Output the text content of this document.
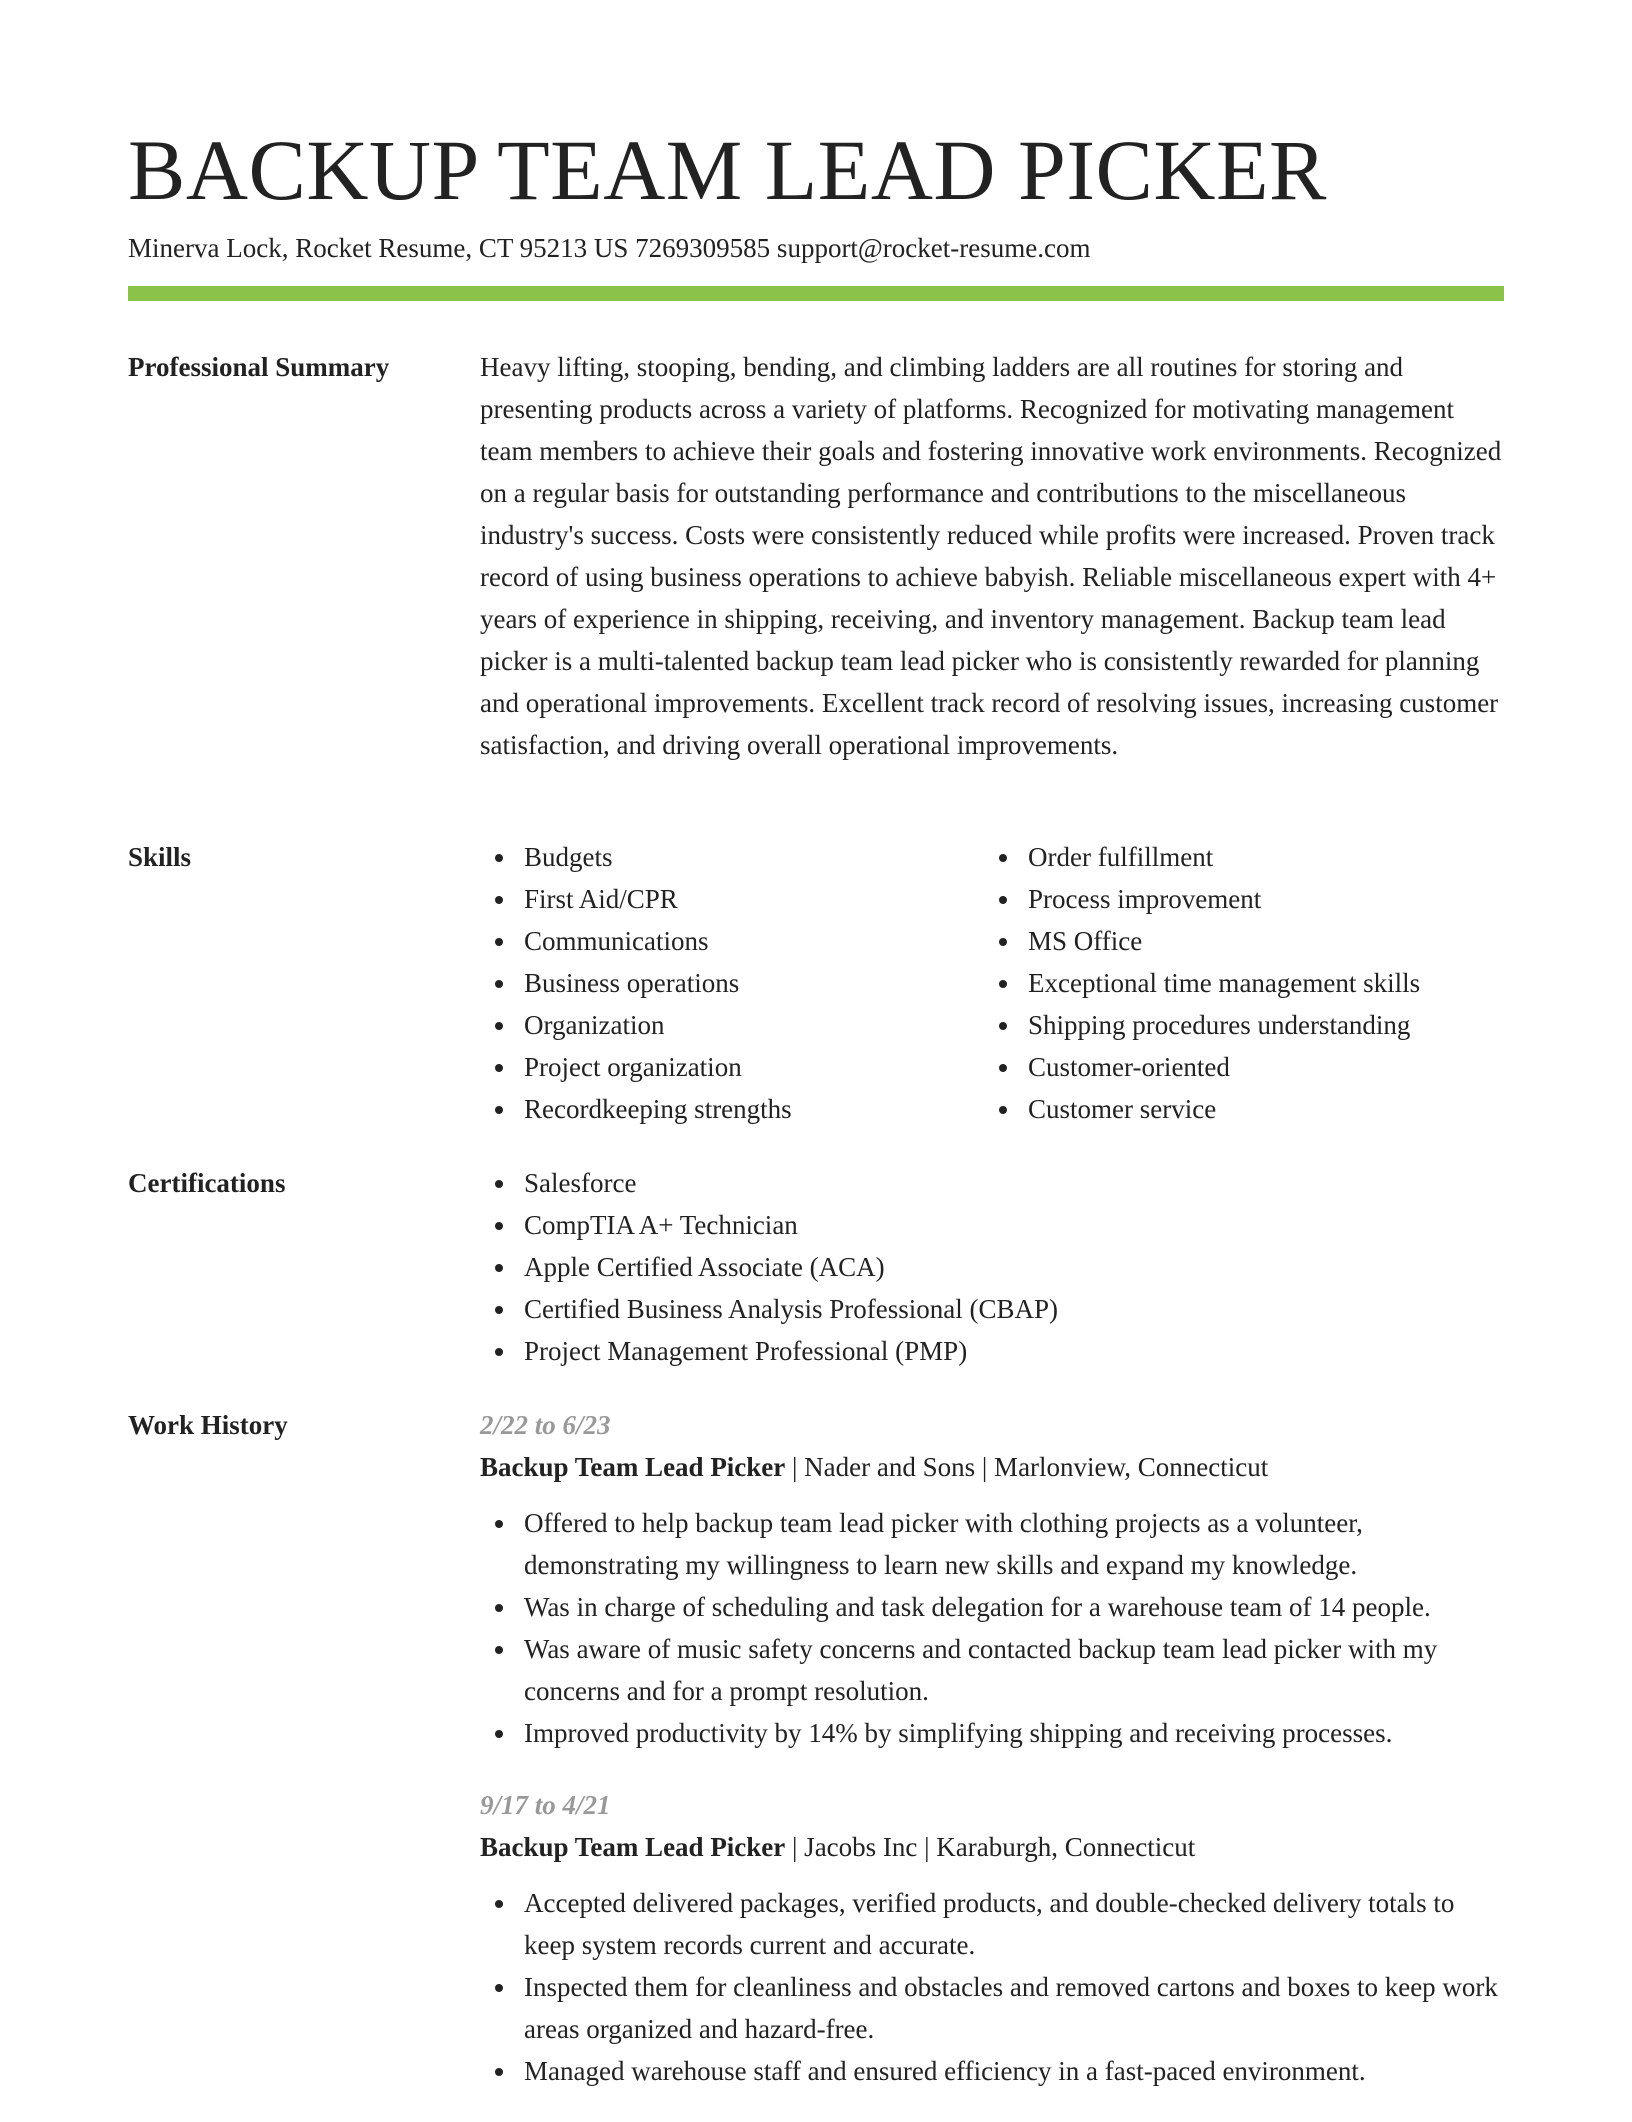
BACKUP TEAM LEAD PICKER
Minerva Lock, Rocket Resume, CT 95213 US 7269309585 support@rocket-resume.com
Professional Summary	Heavy lifting, stooping, bending, and climbing ladders are all routines for storing and presenting products across a variety of platforms. Recognized for motivating management team members to achieve their goals and fostering innovative work environments. Recognized on a regular basis for outstanding performance and contributions to the miscellaneous industry's success. Costs were consistently reduced while profits were increased. Proven track record of using business operations to achieve babyish. Reliable miscellaneous expert with 4+ years of experience in shipping, receiving, and inventory management. Backup team lead picker is a multi-talented backup team lead picker who is consistently rewarded for planning and operational improvements. Excellent track record of resolving issues, increasing customer satisfaction, and driving overall operational improvements.

Skills	Budgets
First Aid/CPR
Communications
Business operations
Organization
Project organization
Recordkeeping strengths
Order fulfillment
Process improvement
MS Office
Exceptional time management skills
Shipping procedures understanding
Customer-oriented
Customer service
Certifications	Salesforce
CompTIA A+ Technician
Apple Certified Associate (ACA)
Certified Business Analysis Professional (CBAP)
Project Management Professional (PMP)
Work History	2/22 to 6/23
Backup Team Lead Picker | Nader and Sons | Marlonview, Connecticut
Offered to help backup team lead picker with clothing projects as a volunteer, demonstrating my willingness to learn new skills and expand my knowledge.
Was in charge of scheduling and task delegation for a warehouse team of 14 people.
Was aware of music safety concerns and contacted backup team lead picker with my concerns and for a prompt resolution.
Improved productivity by 14% by simplifying shipping and receiving processes.
9/17 to 4/21
Backup Team Lead Picker | Jacobs Inc | Karaburgh, Connecticut
Accepted delivered packages, verified products, and double-checked delivery totals to keep system records current and accurate.
Inspected them for cleanliness and obstacles and removed cartons and boxes to keep work areas organized and hazard-free.
Managed warehouse staff and ensured efficiency in a fast-paced environment.
